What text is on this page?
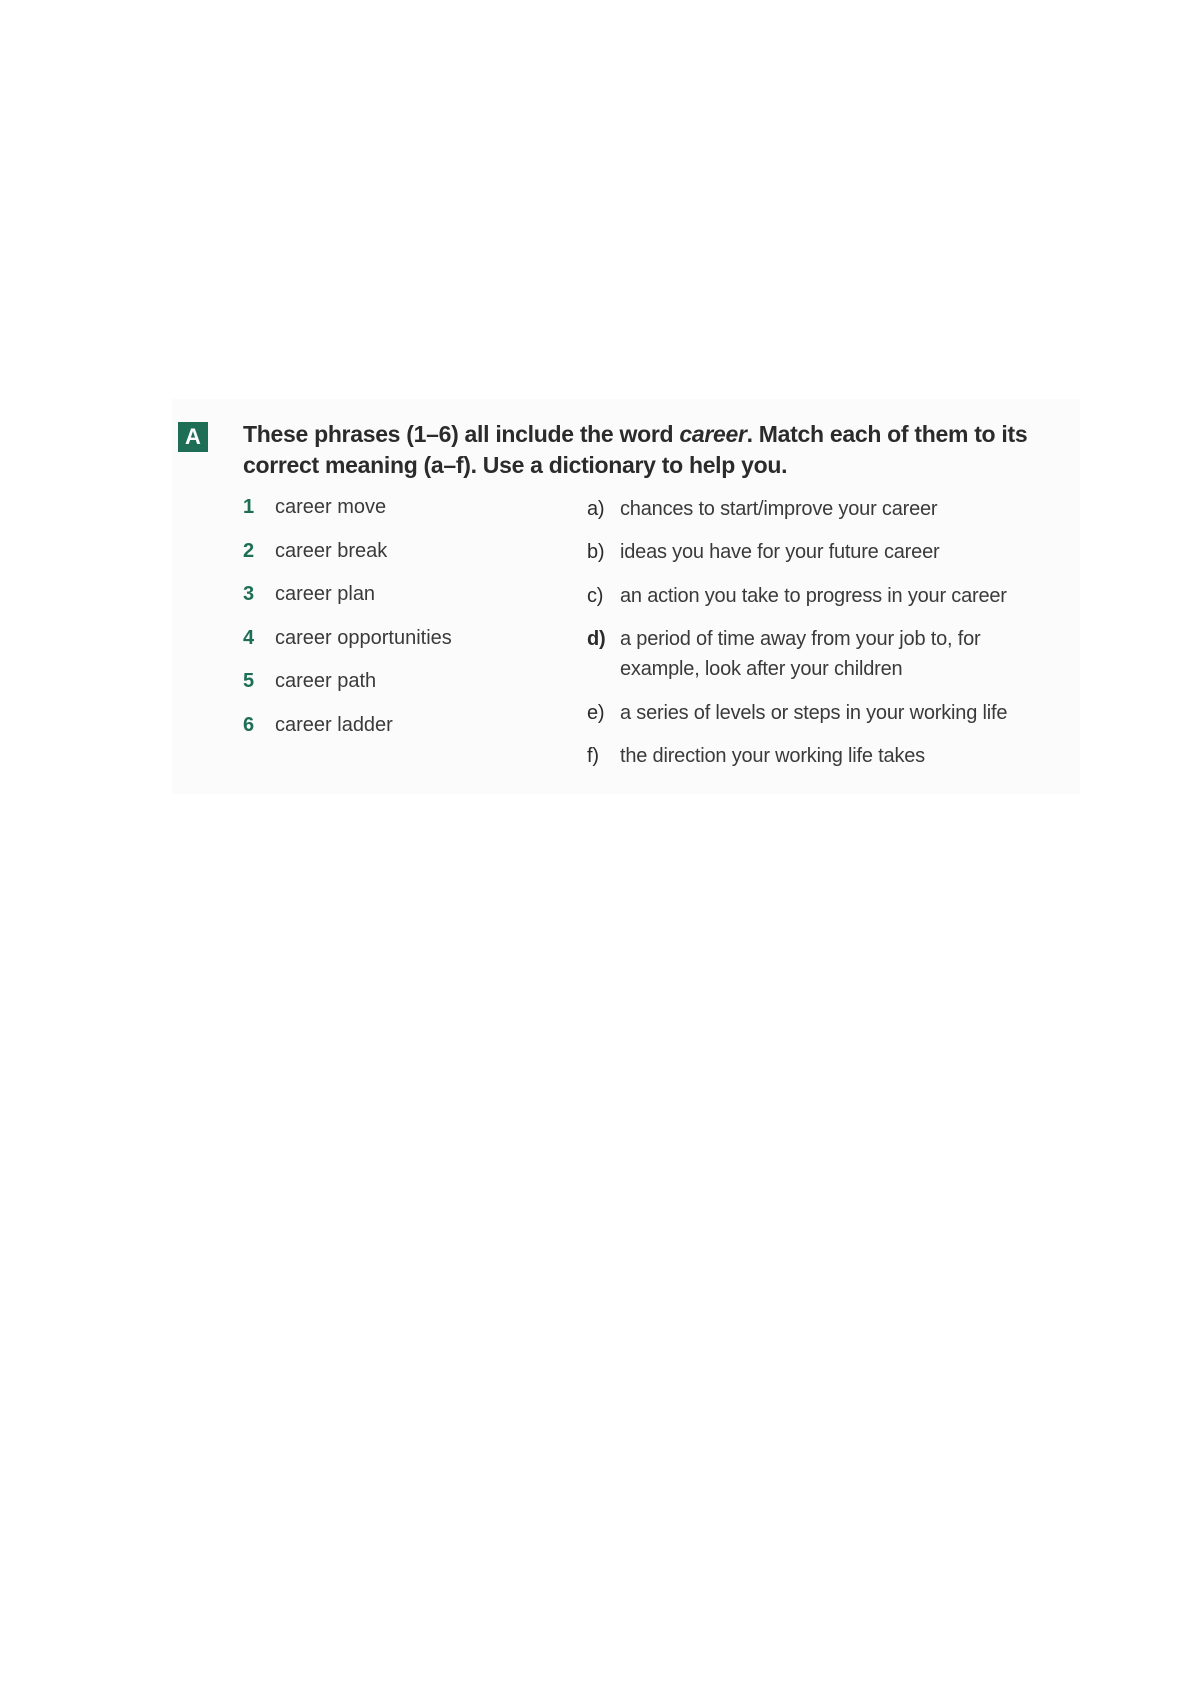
A	These phrases (1–6) all include the word career. Match each of them to its correct meaning (a–f). Use a dictionary to help you.
1 career move
2 career break
3 career plan
4 career opportunities
5 career path
6 career ladder
a) chances to start/improve your career
b) ideas you have for your future career
c) an action you take to progress in your career
d) a period of time away from your job to, for example, look after your children
e) a series of levels or steps in your working life
f)	the direction your working life takes
